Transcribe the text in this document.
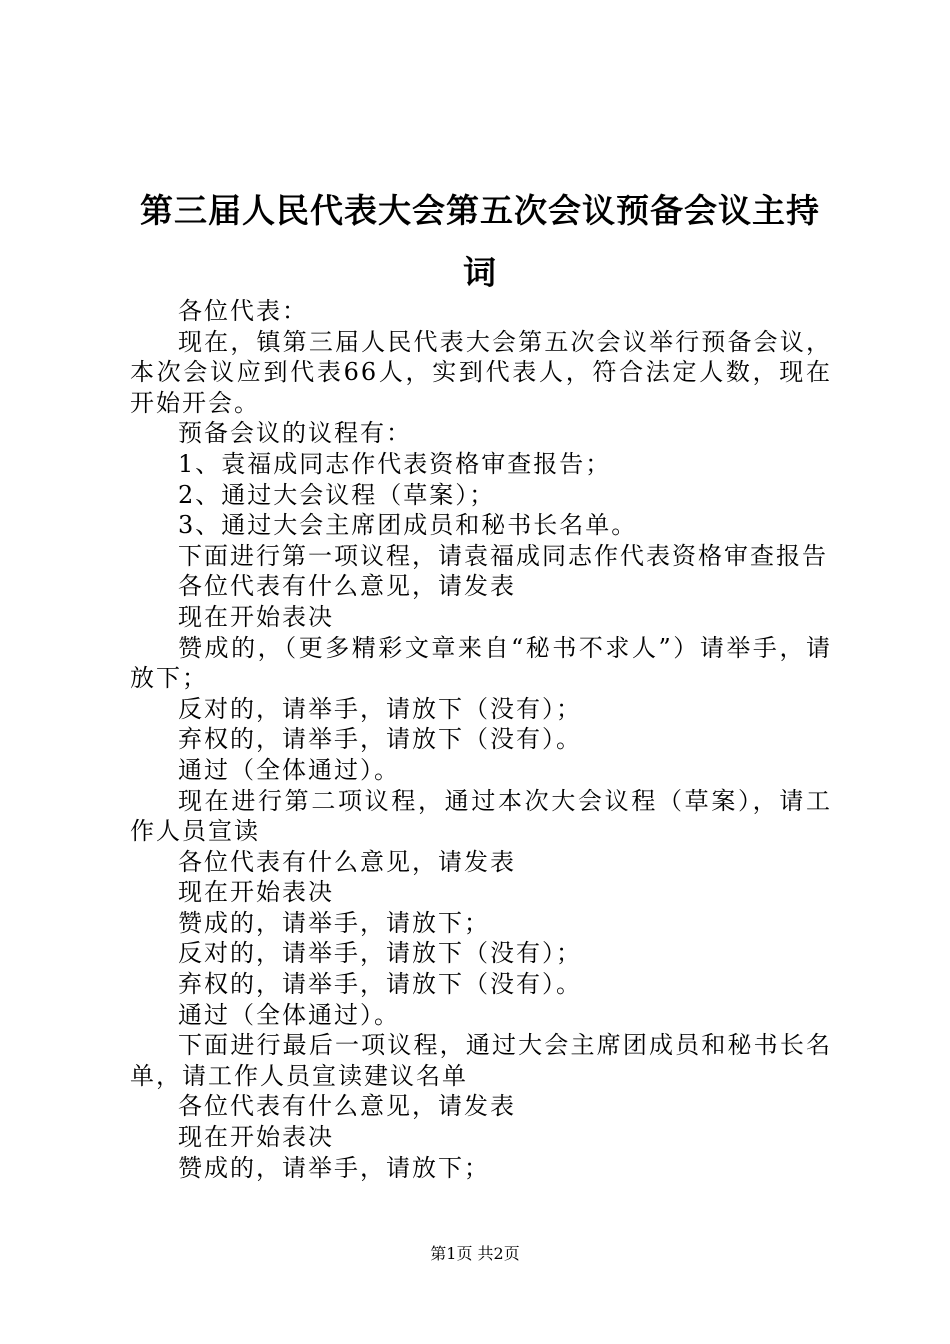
第三届人民代表大会第五次会议预备会议主持词

各位代表：

现在，镇第三届人民代表大会第五次会议举行预备会议，本次会议应到代表66人，实到代表人，符合法定人数，现在开始开会。

预备会议的议程有：

1、袁福成同志作代表资格审查报告；

2、通过大会议程（草案）；

3、通过大会主席团成员和秘书长名单。

下面进行第一项议程，请袁福成同志作代表资格审查报告

各位代表有什么意见，请发表

现在开始表决

赞成的，（更多精彩文章来自“秘书不求人”）请举手，请放下；

反对的，请举手，请放下（没有）；

弃权的，请举手，请放下（没有）。

通过（全体通过）。

现在进行第二项议程，通过本次大会议程（草案），请工作人员宣读

各位代表有什么意见，请发表

现在开始表决

赞成的，请举手，请放下；

反对的，请举手，请放下（没有）；

弃权的，请举手，请放下（没有）。

通过（全体通过）。

下面进行最后一项议程，通过大会主席团成员和秘书长名单，请工作人员宣读建议名单

各位代表有什么意见，请发表

现在开始表决

赞成的，请举手，请放下；

第1页 共2页
